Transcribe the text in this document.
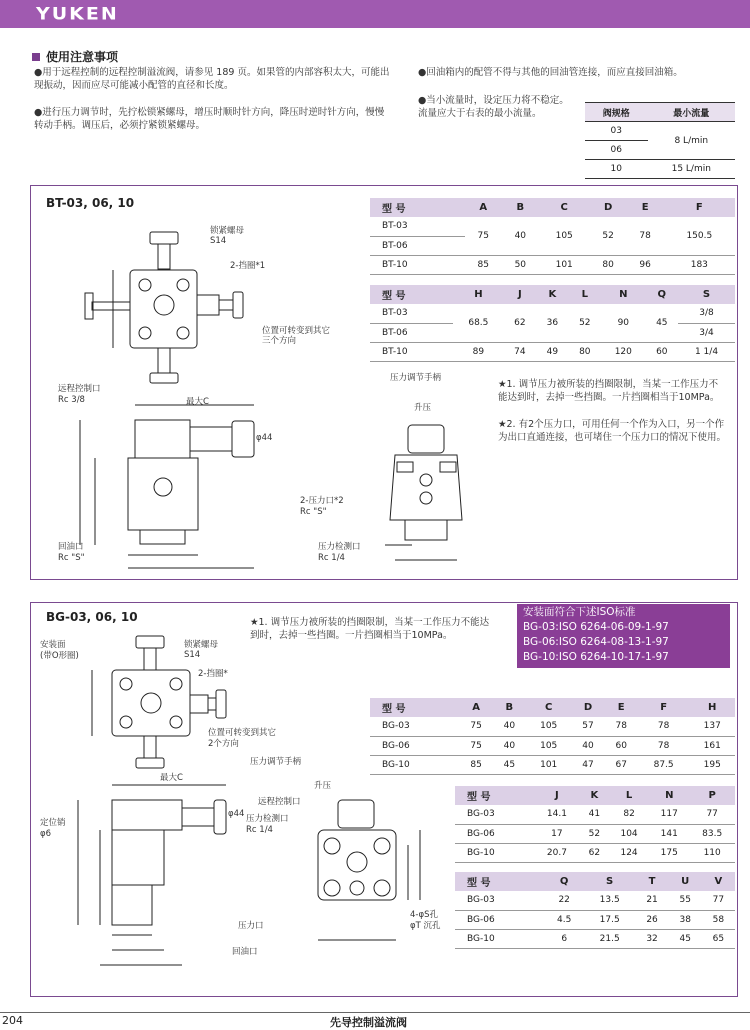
YUKEN
使用注意事项
●用于远程控制的远程控制溢流阀，请参见 189 页。如果管的内部容积太大，可能出现振动，因而应尽可能减小配管的直径和长度。
●进行压力调节时，先拧松锁紧螺母，增压时顺时针方向，降压时逆时针方向，慢慢转动手柄。调压后，必须拧紧锁紧螺母。
●回油箱内的配管不得与其他的回油管连接，而应直接回油箱。
●当小流量时，设定压力将不稳定。流量应大于右表的最小流量。	阀规格	最小流量
03	8 L/min
06	
10	15 L/min
BT-03, 06, 10	型 号	A	B	C	D	E	F
BT-03	75	40	105	52	78	150.5
BT-06						
BT-10	85	50	101	80	96	183
型 号	H	J	K	L	N	Q	S
BT-03	68.5	62	36	52	90	45	3/8
BT-06							3/4
BT-10	89	74	49	80	120	60	1 1/4
★1. 调节压力被所装的挡圈限制，当某一工作压力不能达到时，去掉一些挡圈。一片挡圈相当于10MPa。
★2. 有2个压力口，可用任何一个作为入口，另一个作为出口直通连接，也可堵住一个压力口的情况下使用。
BG-03, 06, 10	★1. 调节压力被所装的挡圈限制，当某一工作压力不能达到时，去掉一些挡圈。一片挡圈相当于10MPa。
安装面符合下述ISO标准
BG-03:ISO 6264-06-09-1-97
BG-06:ISO 6264-08-13-1-97
BG-10:ISO 6264-10-17-1-97
型 号	A	B	C	D	E	F	H
BG-03	75	40	105	57	78	78	137
BG-06	75	40	105	40	60	78	161
BG-10	85	45	101	47	67	87.5	195
型 号	J	K	L	N	P
BG-03	14.1	41	82	117	77
BG-06	17	52	104	141	83.5
BG-10	20.7	62	124	175	110
型 号	Q	S	T	U	V
BG-03	22	13.5	21	55	77
BG-06	4.5	17.5	26	38	58
BG-10	6	21.5	32	45	65
锁紧螺母
S14
2-挡圈*1
位置可转变到其它
三个方向
远程控制口
Rc 3/8	最大C
φ44
压力调节手柄
升压
2-压力口*2
Rc "S"
压力检测口
Rc 1/4
回油口
Rc "S"
安装面
(带O形圈)
锁紧螺母
S14
2-挡圈*
位置可转变到其它
2个方向
定位销
φ6
最大C
φ44
压力调节手柄
升压
远程控制口
压力检测口
Rc 1/4
压力口
回油口
4-φS孔
φT 沉孔
204	先导控制溢流阀
